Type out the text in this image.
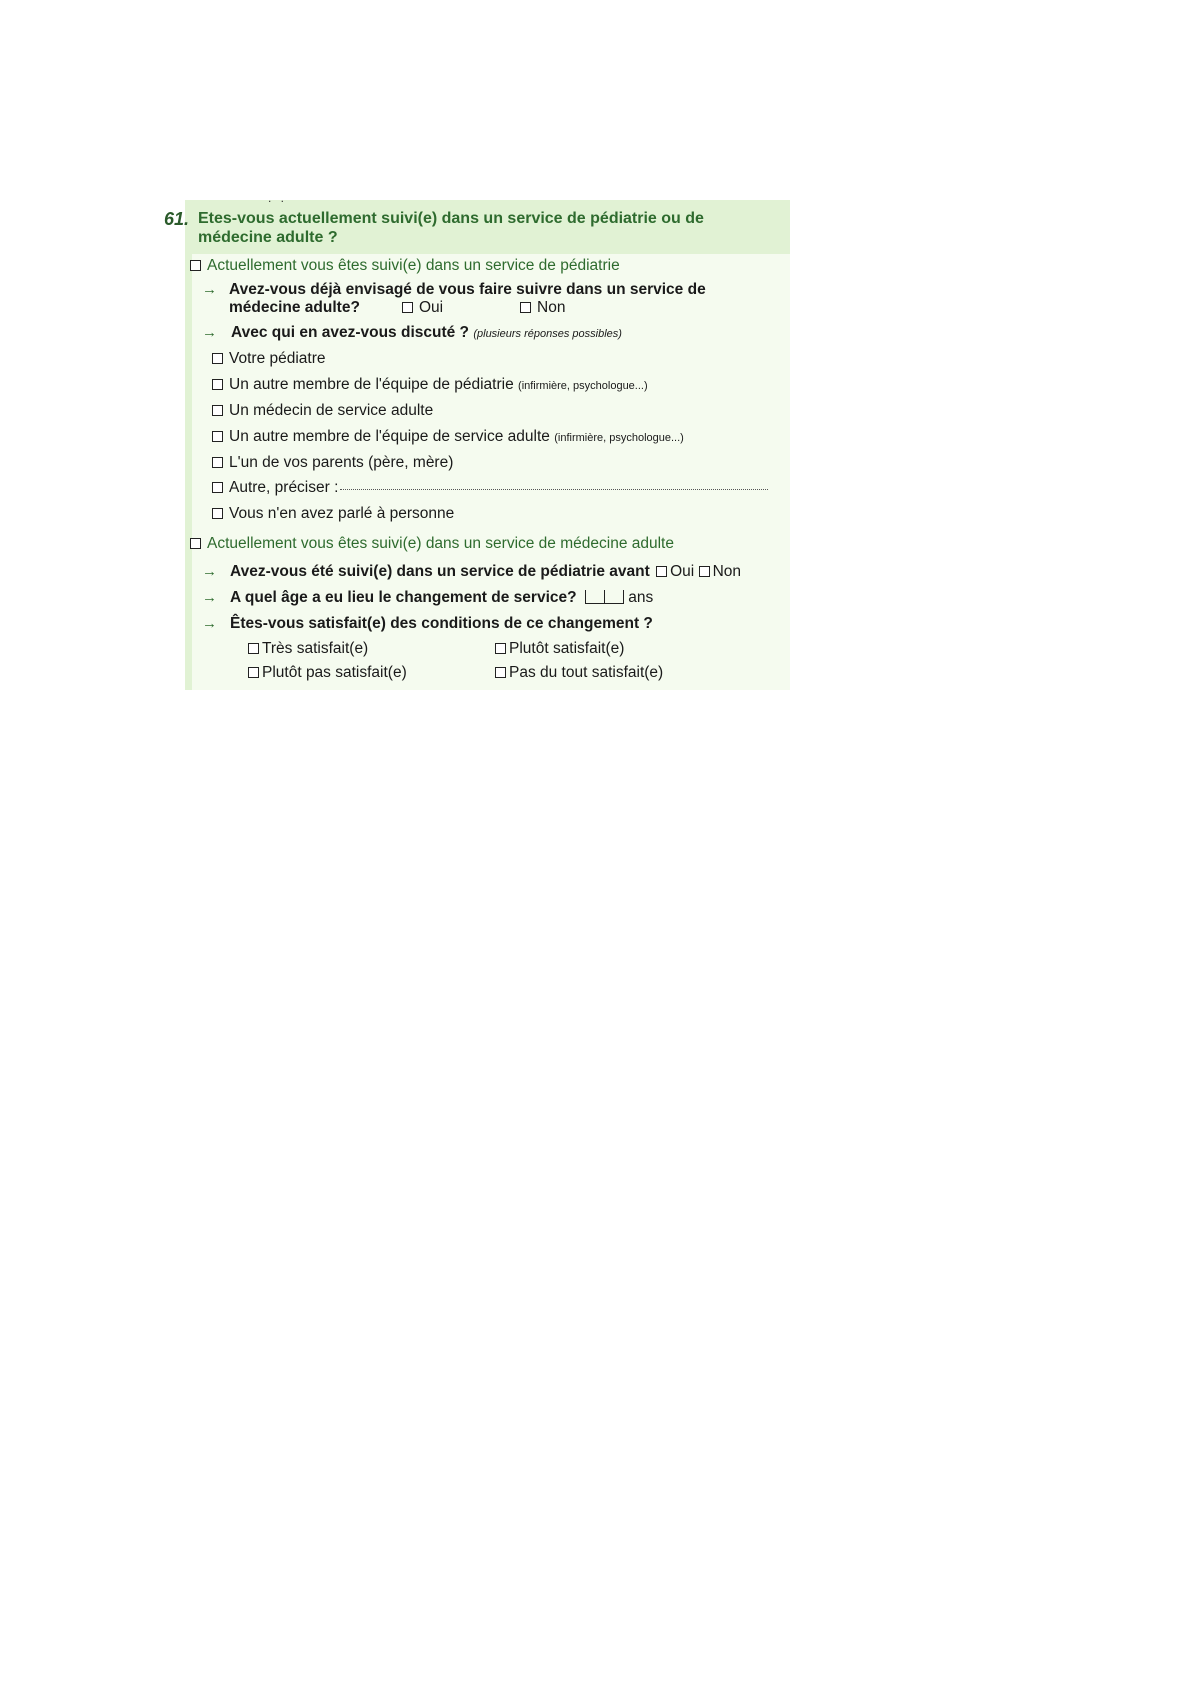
. .
61. Etes-vous actuellement suivi(e) dans un service de pédiatrie ou de
médecine adulte ?
Actuellement vous êtes suivi(e) dans un service de pédiatrie
→ Avez-vous déjà envisagé de vous faire suivre dans un service de
médecine adulte?	Oui	Non
→ Avec qui en avez-vous discuté ? (plusieurs réponses possibles)
Votre pédiatre
Un autre membre de l'équipe de pédiatrie (infirmière, psychologue...)
Un médecin de service adulte
Un autre membre de l'équipe de service adulte (infirmière, psychologue...)
L'un de vos parents (père, mère)
Autre, préciser :
Vous n'en avez parlé à personne
Actuellement vous êtes suivi(e) dans un service de médecine adulte
→ Avez-vous été suivi(e) dans un service de pédiatrie avant Oui Non
→ A quel âge a eu lieu le changement de service?	ans
→ Êtes-vous satisfait(e) des conditions de ce changement ?
Très satisfait(e)	Plutôt satisfait(e)
Plutôt pas satisfait(e)	Pas du tout satisfait(e)
